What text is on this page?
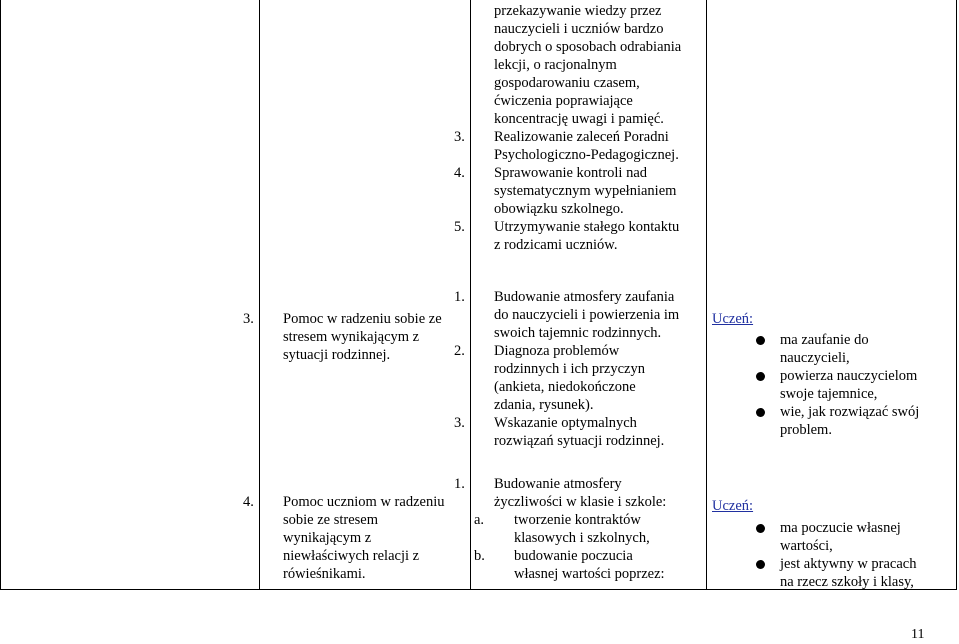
przekazywanie wiedzy przez
nauczycieli i uczniów bardzo
dobrych o sposobach odrabiania
lekcji, o racjonalnym
gospodarowaniu czasem,
ćwiczenia poprawiające
koncentrację uwagi i pamięć.
3. Realizowanie zaleceń Poradni
Psychologiczno-Pedagogicznej.
4. Sprawowanie kontroli nad
systematycznym wypełnianiem
obowiązku szkolnego.
5. Utrzymywanie stałego kontaktu
z rodzicami uczniów.
3. Pomoc w radzeniu sobie ze
stresem wynikającym z
sytuacji rodzinnej.
1. Budowanie atmosfery zaufania
do nauczycieli i powierzenia im
swoich tajemnic rodzinnych.
2. Diagnoza problemów
rodzinnych i ich przyczyn
(ankieta, niedokończone
zdania, rysunek).
3. Wskazanie optymalnych
rozwiązań sytuacji rodzinnej.
Uczeń:
ma zaufanie do
nauczycieli,
powierza nauczycielom
swoje tajemnice,
wie, jak rozwiązać swój
problem.
4. Pomoc uczniom w radzeniu
sobie ze stresem
wynikającym z
niewłaściwych relacji z
rówieśnikami.
1. Budowanie atmosfery
życzliwości w klasie i szkole:
a. tworzenie kontraktów
klasowych i szkolnych,
b. budowanie poczucia
własnej wartości poprzez:
Uczeń:
ma poczucie własnej
wartości,
jest aktywny w pracach
na rzecz szkoły i klasy,
11
